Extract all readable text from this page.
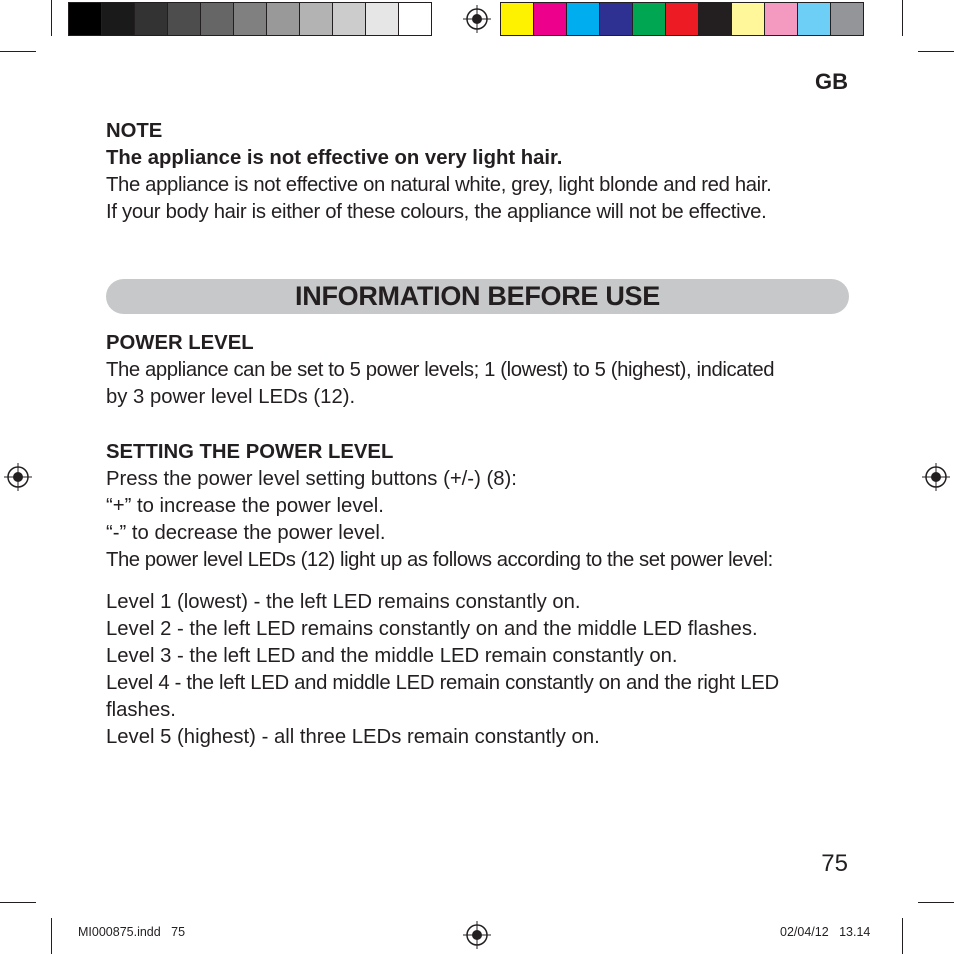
GB
NOTE
The appliance is not effective on very light hair.
The appliance is not effective on natural white, grey, light blonde and red hair.
If your body hair is either of these colours, the appliance will not be effective.
INFORMATION BEFORE USE
POWER LEVEL
The appliance can be set to 5 power levels; 1 (lowest) to 5 (highest), indicated
by 3 power level LEDs (12).
SETTING THE POWER LEVEL
Press the power level setting buttons (+/-) (8):
“+” to increase the power level.
“-” to decrease the power level.
The power level LEDs (12) light up as follows according to the set power level:
Level 1 (lowest) - the left LED remains constantly on.
Level 2 - the left LED remains constantly on and the middle LED flashes.
Level 3 - the left LED and the middle LED remain constantly on.
Level 4 - the left LED and middle LED remain constantly on and the right LED
flashes.
Level 5 (highest) - all three LEDs remain constantly on.
75
MI000875.indd   75	02/04/12   13.14
